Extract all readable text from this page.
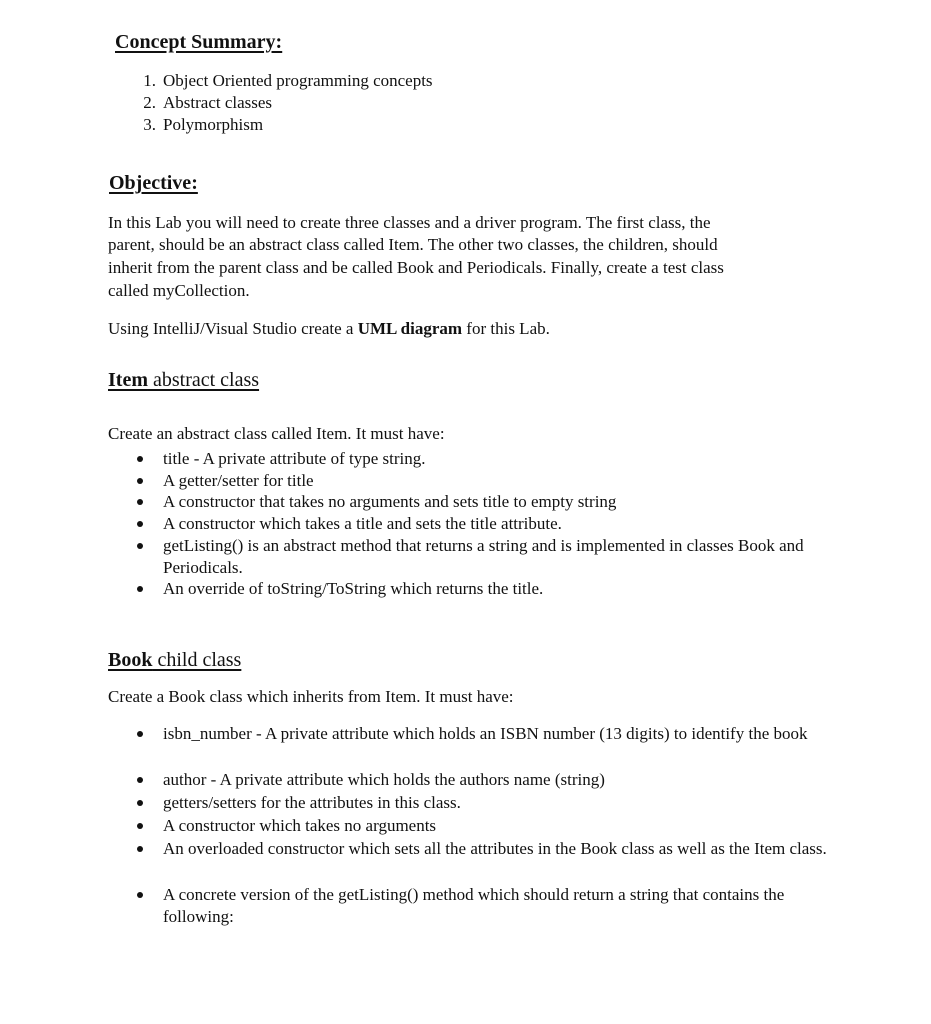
Concept Summary:
1. Object Oriented programming concepts
2. Abstract classes
3. Polymorphism
Objective:
In this Lab you will need to create three classes and a driver program. The first class, the
parent, should be an abstract class called Item. The other two classes, the children, should
inherit from the parent class and be called Book and Periodicals. Finally, create a test class
called myCollection.
Using IntelliJ/Visual Studio create a UML diagram for this Lab.
Item abstract class
Create an abstract class called Item. It must have:
title - A private attribute of type string.
A getter/setter for title
A constructor that takes no arguments and sets title to empty string
A constructor which takes a title and sets the title attribute.
getListing() is an abstract method that returns a string and is implemented in classes Book and Periodicals.
An override of toString/ToString which returns the title.
Book child class
Create a Book class which inherits from Item. It must have:
isbn_number - A private attribute which holds an ISBN number (13 digits) to identify the book
author - A private attribute which holds the authors name (string)
getters/setters for the attributes in this class.
A constructor which takes no arguments
An overloaded constructor which sets all the attributes in the Book class as well as the Item class.
A concrete version of the getListing() method which should return a string that contains the following:
